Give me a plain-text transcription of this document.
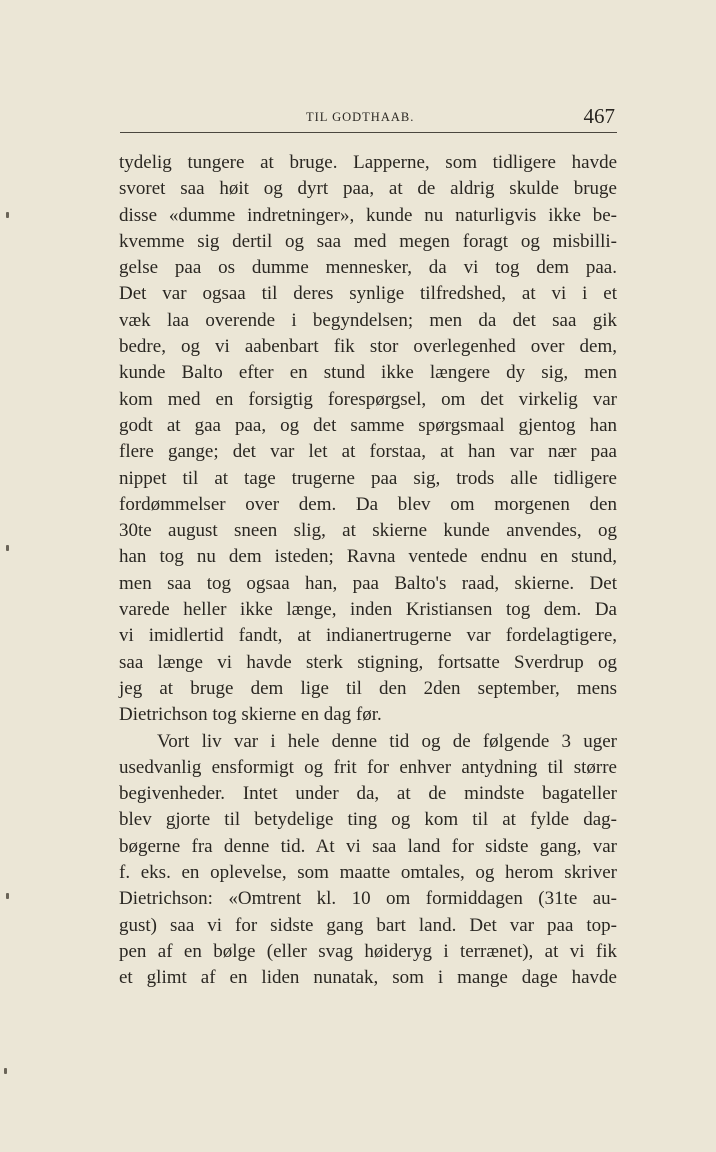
TIL GODTHAAB.	467
tydelig tungere at bruge. Lapperne, som tidligere havde
svoret saa høit og dyrt paa, at de aldrig skulde bruge
disse «dumme indretninger», kunde nu naturligvis ikke be-
kvemme sig dertil og saa med megen foragt og misbilli-
gelse paa os dumme mennesker, da vi tog dem paa.
Det var ogsaa til deres synlige tilfredshed, at vi i et
væk laa overende i begyndelsen; men da det saa gik
bedre, og vi aabenbart fik stor overlegenhed over dem,
kunde Balto efter en stund ikke længere dy sig, men
kom med en forsigtig forespørgsel, om det virkelig var
godt at gaa paa, og det samme spørgsmaal gjentog han
flere gange; det var let at forstaa, at han var nær paa
nippet til at tage trugerne paa sig, trods alle tidligere
fordømmelser over dem. Da blev om morgenen den
30te august sneen slig, at skierne kunde anvendes, og
han tog nu dem isteden; Ravna ventede endnu en stund,
men saa tog ogsaa han, paa Balto's raad, skierne. Det
varede heller ikke længe, inden Kristiansen tog dem. Da
vi imidlertid fandt, at indianertrugerne var fordelagtigere,
saa længe vi havde sterk stigning, fortsatte Sverdrup og
jeg at bruge dem lige til den 2den september, mens
Dietrichson tog skierne en dag før.
Vort liv var i hele denne tid og de følgende 3 uger
usedvanlig ensformigt og frit for enhver antydning til større
begivenheder. Intet under da, at de mindste bagateller
blev gjorte til betydelige ting og kom til at fylde dag-
bøgerne fra denne tid. At vi saa land for sidste gang, var
f. eks. en oplevelse, som maatte omtales, og herom skriver
Dietrichson: «Omtrent kl. 10 om formiddagen (31te au-
gust) saa vi for sidste gang bart land. Det var paa top-
pen af en bølge (eller svag høideryg i terrænet), at vi fik
et glimt af en liden nunatak, som i mange dage havde
